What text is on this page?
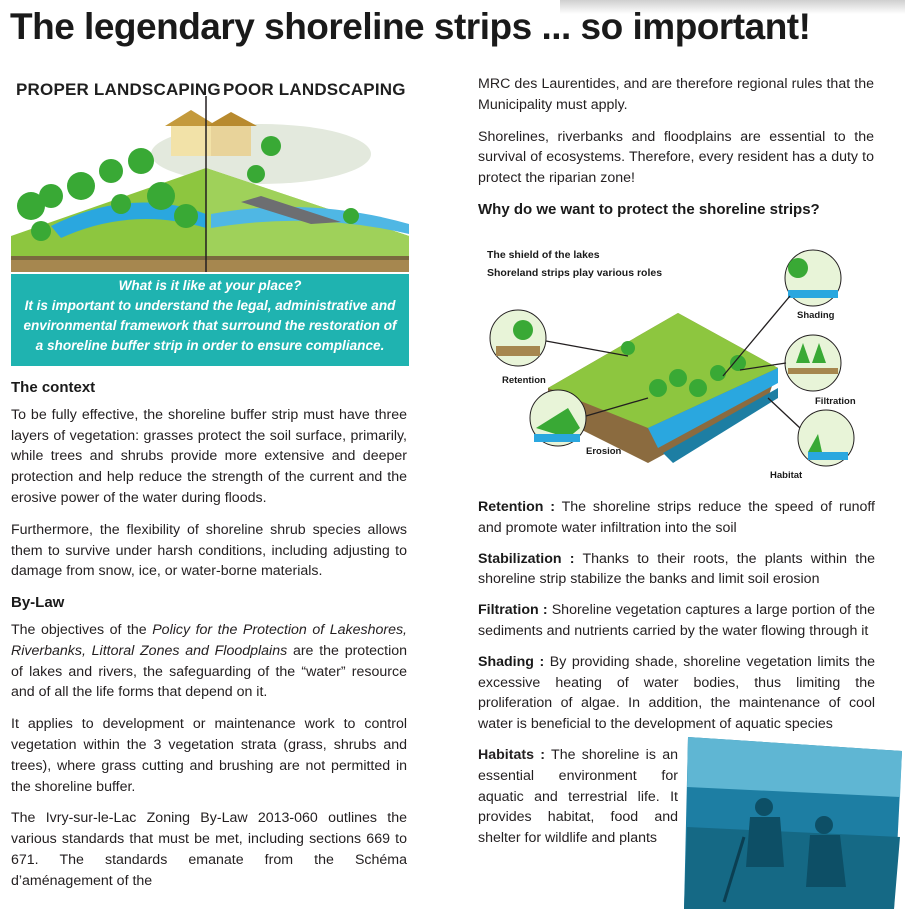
The legendary shoreline strips ... so important!
PROPER LANDSCAPING POOR LANDSCAPING
What is it like at your place?
It is important to understand the legal, administrative and
environmental framework that surround the restoration of
a shoreline buffer strip in order to ensure compliance.
The context

To be fully effective, the shoreline buffer strip must have three layers of vegetation: grasses protect the soil surface, primarily, while trees and shrubs provide more extensive and deeper protection and help reduce the strength of the current and the erosive power of the water during floods.

Furthermore, the flexibility of shoreline shrub species allows them to survive under harsh conditions, including adjusting to damage from snow, ice, or water-borne materials.

By-Law

The objectives of the Policy for the Protection of Lakeshores, Riverbanks, Littoral Zones and Floodplains are the protection of lakes and rivers, the safeguarding of the “water” resource and of all the life forms that depend on it.

It applies to development or maintenance work to control vegetation within the 3 vegetation strata (grass, shrubs and trees), where grass cutting and brushing are not permitted in the shoreline buffer.

The Ivry-sur-le-Lac Zoning By-Law 2013-060 outlines the various standards that must be met, including sections 669 to 671. The standards emanate from the Schéma d’aménagement of the

MRC des Laurentides, and are therefore regional rules that the Municipality must apply.

Shorelines, riverbanks and floodplains are essential to the survival of ecosystems. Therefore, every resident has a duty to protect the riparian zone!

Why do we want to protect the shoreline strips?
The shield of the lakes
Shoreland strips play various roles
Retention
Erosion
Shading
Filtration
Habitat

Retention : The shoreline strips reduce the speed of runoff and promote water infiltration into the soil

Stabilization : Thanks to their roots, the plants within the shoreline strip stabilize the banks and limit soil erosion

Filtration : Shoreline vegetation captures a large portion of the sediments and nutrients carried by the water flowing through it

Shading : By providing shade, shoreline vegetation limits the excessive heating of water bodies, thus limiting the proliferation of algae. In addition, the maintenance of cool water is beneficial to the development of aquatic species

Habitats : The shoreline is an essential environment for aquatic and terrestrial life. It provides habitat, food and shelter for wildlife and plants
